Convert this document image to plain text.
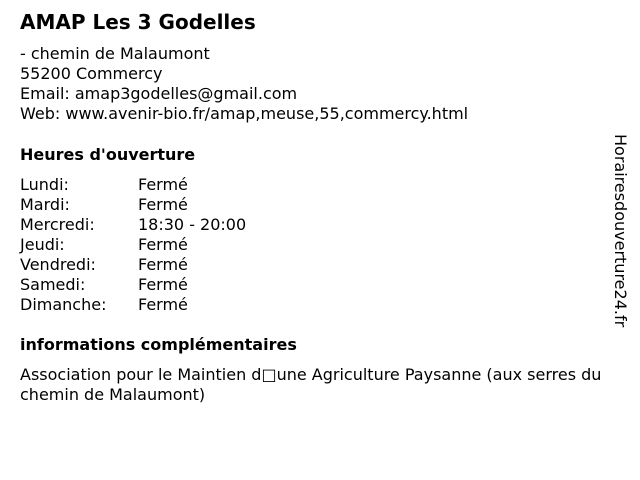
AMAP Les 3 Godelles
- chemin de Malaumont
55200 Commercy
Email: amap3godelles@gmail.com
Web: www.avenir-bio.fr/amap,meuse,55,commercy.html
Heures d'ouverture
Lundi:	Fermé
Mardi:	Fermé
Mercredi:	18:30 - 20:00
Jeudi:	Fermé
Vendredi:	Fermé
Samedi:	Fermé
Dimanche:	Fermé
informations complémentaires
Association pour le Maintien d□une Agriculture Paysanne (aux serres du chemin de Malaumont)
Horairesdouverture24.fr
